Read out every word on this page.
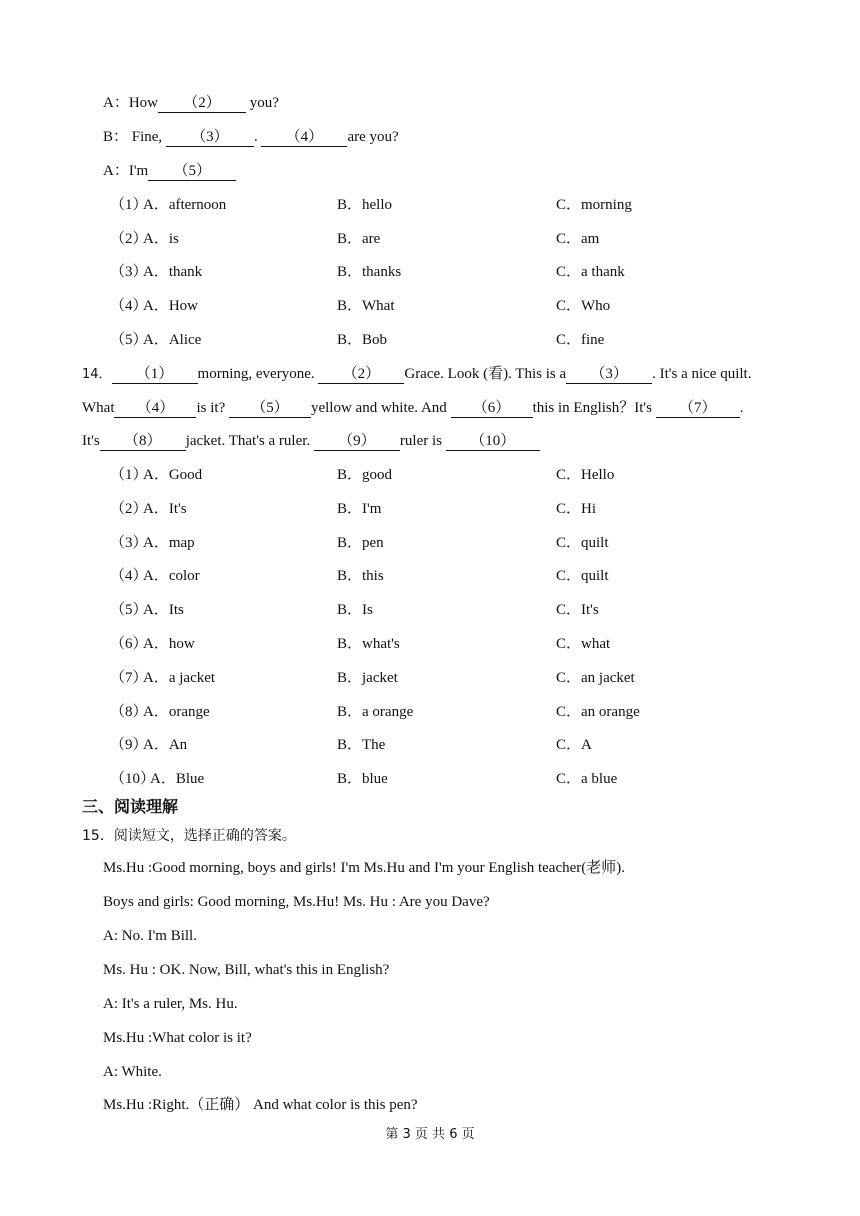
A：How （2） you?
B： Fine, （3） . （4） are you?
A：I'm （5）
（1）
A．afternoon	B．hello	C．morning
（2）
A．is	B．are	C．am
（3）
A．thank	B．thanks	C．a thank
（4）
A．How	B．What	C．Who
（5）
A．Alice	B．Bob	C．fine
14． （1） morning, everyone. （2） Grace. Look (看). This is a （3） . It's a nice quilt.
What （4） is it? （5） yellow and white. And （6） this in English？It's （7） .
It's （8） jacket. That's a ruler. （9） ruler is （10）
（1）
A．Good	B．good	C．Hello
（2）
A．It's	B．I'm	C．Hi
（3）
A．map	B．pen	C．quilt
（4）
A．color	B．this	C．quilt
（5）
A．Its	B．Is	C．It's
（6）
A．how	B．what's	C．what
（7）
A．a jacket	B．jacket	C．an jacket
（8）
A．orange	B．a orange	C．an orange
（9）
A．An	B．The	C．A
（10）
A．Blue	B．blue	C．a blue
三、阅读理解
15．阅读短文，选择正确的答案。
Ms.Hu :Good morning, boys and girls! I'm Ms.Hu and I'm your English teacher(老师).
Boys and girls: Good morning, Ms.Hu! Ms. Hu : Are you Dave?
A: No. I'm Bill.
Ms. Hu : OK. Now, Bill, what's this in English?
A: It's a ruler, Ms. Hu.
Ms.Hu :What color is it?
A: White.
Ms.Hu :Right.（正确） And what color is this pen?
第 3 页 共 6 页
